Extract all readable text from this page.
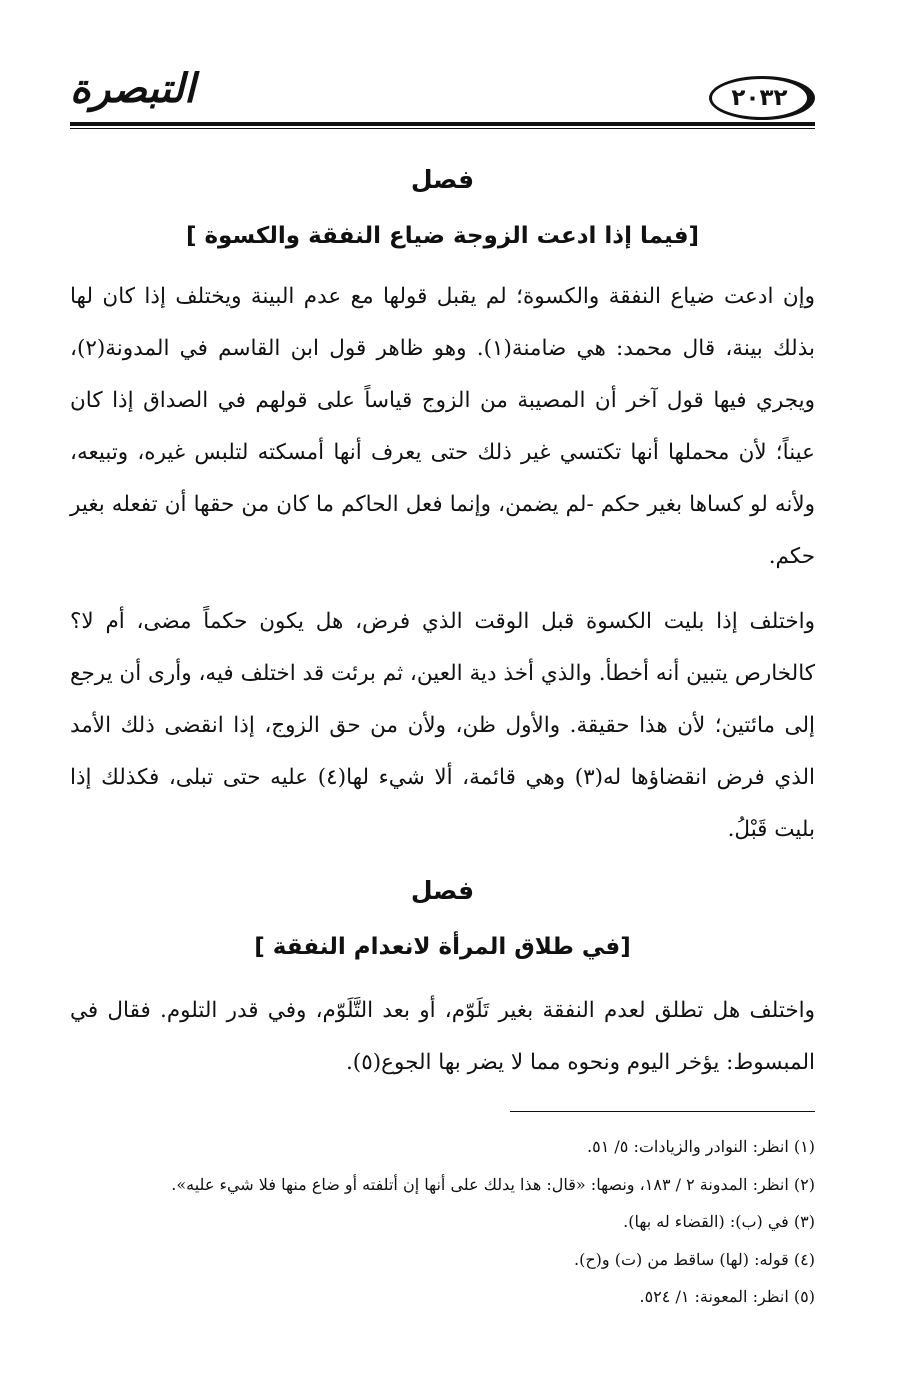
التبصرة	٢٠٣٢
فصل
[فيما إذا ادعت الزوجة ضياع النفقة والكسوة ]

وإن ادعت ضياع النفقة والكسوة؛ لم يقبل قولها مع عدم البينة ويختلف إذا كان لها بذلك بينة، قال محمد: هي ضامنة(١). وهو ظاهر قول ابن القاسم في المدونة(٢)، ويجري فيها قول آخر أن المصيبة من الزوج قياساً على قولهم في الصداق إذا كان عيناً؛ لأن محملها أنها تكتسي غير ذلك حتى يعرف أنها أمسكته لتلبس غيره، وتبيعه، ولأنه لو كساها بغير حكم -لم يضمن، وإنما فعل الحاكم ما كان من حقها أن تفعله بغير حكم.

واختلف إذا بليت الكسوة قبل الوقت الذي فرض، هل يكون حكماً مضى، أم لا؟ كالخارص يتبين أنه أخطأ. والذي أخذ دية العين، ثم برئت قد اختلف فيه، وأرى أن يرجع إلى مائتين؛ لأن هذا حقيقة. والأول ظن، ولأن من حق الزوج، إذا انقضى ذلك الأمد الذي فرض انقضاؤها له(٣) وهي قائمة، ألا شيء لها(٤) عليه حتى تبلى، فكذلك إذا بليت قَبْلُ.

فصل
[في طلاق المرأة لانعدام النفقة ]

واختلف هل تطلق لعدم النفقة بغير تَلَوّم، أو بعد التَّلَوّم، وفي قدر التلوم. فقال في المبسوط: يؤخر اليوم ونحوه مما لا يضر بها الجوع(٥).

(١) انظر: النوادر والزيادات: ٥/ ٥١.
(٢) انظر: المدونة ٢ / ١٨٣، ونصها: «قال: هذا يدلك على أنها إن أتلفته أو ضاع منها فلا شيء عليه».
(٣) في (ب): (القضاء له بها).
(٤) قوله: (لها) ساقط من (ت) و(ح).
(٥) انظر: المعونة: ١/ ٥٢٤.
